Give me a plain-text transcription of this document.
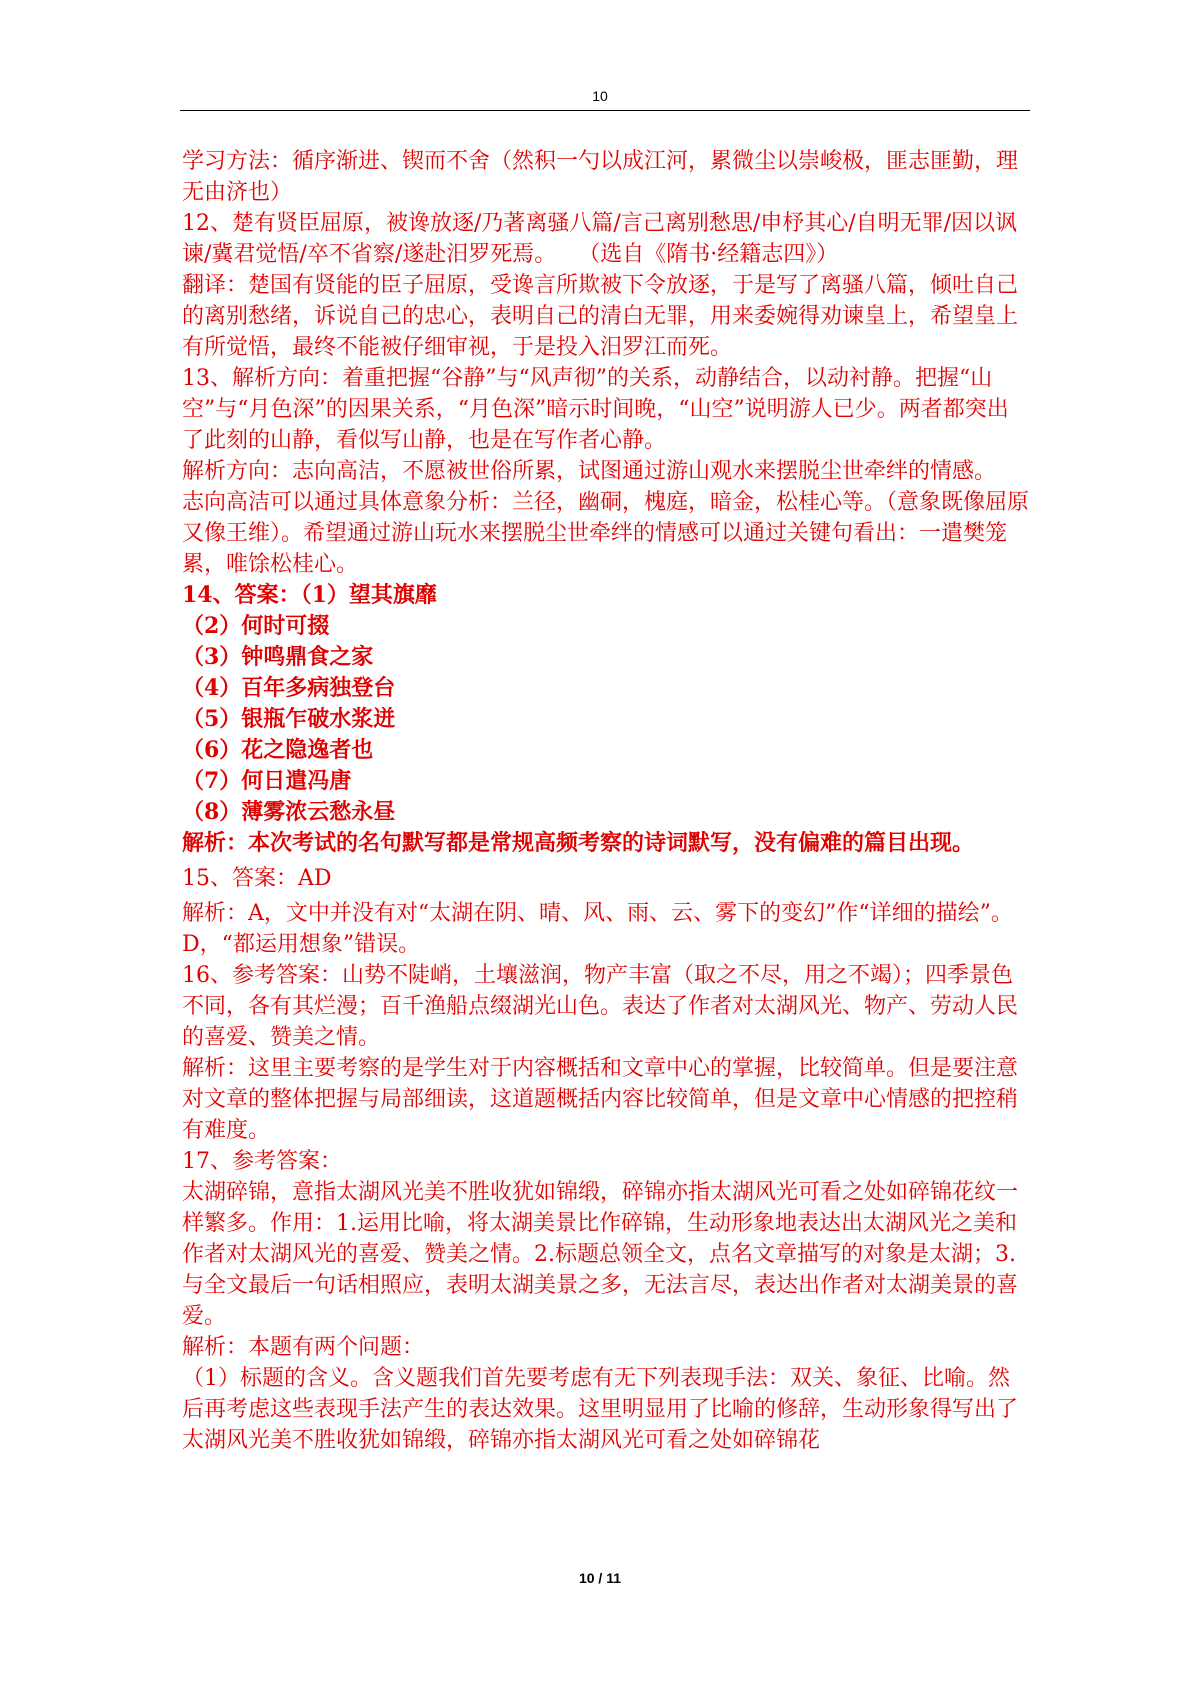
10

学习方法：循序渐进、锲而不舍（然积一勺以成江河，累微尘以崇峻极，匪志匪勤，理无由济也）

12、楚有贤臣屈原，被谗放逐/乃著离骚八篇/言己离别愁思/申杼其心/自明无罪/因以讽谏/冀君觉悟/卒不省察/遂赴汨罗死焉。　　（选自《隋书·经籍志四》）

翻译：楚国有贤能的臣子屈原，受谗言所欺被下令放逐，于是写了离骚八篇，倾吐自己的离别愁绪，诉说自己的忠心，表明自己的清白无罪，用来委婉得劝谏皇上，希望皇上有所觉悟，最终不能被仔细审视，于是投入汨罗江而死。

13、解析方向：着重把握“谷静”与“风声彻”的关系，动静结合，以动衬静。把握“山空”与“月色深”的因果关系，“月色深”暗示时间晚，“山空”说明游人已少。两者都突出了此刻的山静，看似写山静，也是在写作者心静。

解析方向：志向高洁，不愿被世俗所累，试图通过游山观水来摆脱尘世牵绊的情感。

志向高洁可以通过具体意象分析：兰径，幽硐，槐庭，暗金，松桂心等。（意象既像屈原又像王维）。希望通过游山玩水来摆脱尘世牵绊的情感可以通过关键句看出：一遣樊笼累，唯馀松桂心。

14、答案：（1）望其旗靡

（2）何时可掇

（3）钟鸣鼎食之家

（4）百年多病独登台

（5）银瓶乍破水浆迸

（6）花之隐逸者也

（7）何日遣冯唐

（8）薄雾浓云愁永昼

解析：本次考试的名句默写都是常规高频考察的诗词默写，没有偏难的篇目出现。

15、答案：AD

解析：A，文中并没有对“太湖在阴、晴、风、雨、云、雾下的变幻”作“详细的描绘”。D，“都运用想象”错误。

16、参考答案：山势不陡峭，土壤滋润，物产丰富（取之不尽，用之不竭）；四季景色不同，各有其烂漫；百千渔船点缀湖光山色。表达了作者对太湖风光、物产、劳动人民的喜爱、赞美之情。

解析：这里主要考察的是学生对于内容概括和文章中心的掌握，比较简单。但是要注意对文章的整体把握与局部细读，这道题概括内容比较简单，但是文章中心情感的把控稍有难度。

17、参考答案：

太湖碎锦，意指太湖风光美不胜收犹如锦缎，碎锦亦指太湖风光可看之处如碎锦花纹一样繁多。作用：1.运用比喻，将太湖美景比作碎锦，生动形象地表达出太湖风光之美和作者对太湖风光的喜爱、赞美之情。2.标题总领全文，点名文章描写的对象是太湖；3.与全文最后一句话相照应，表明太湖美景之多，无法言尽，表达出作者对太湖美景的喜爱。

解析：本题有两个问题：

（1）标题的含义。含义题我们首先要考虑有无下列表现手法：双关、象征、比喻。然后再考虑这些表现手法产生的表达效果。这里明显用了比喻的修辞，生动形象得写出了太湖风光美不胜收犹如锦缎，碎锦亦指太湖风光可看之处如碎锦花

10 / 11
